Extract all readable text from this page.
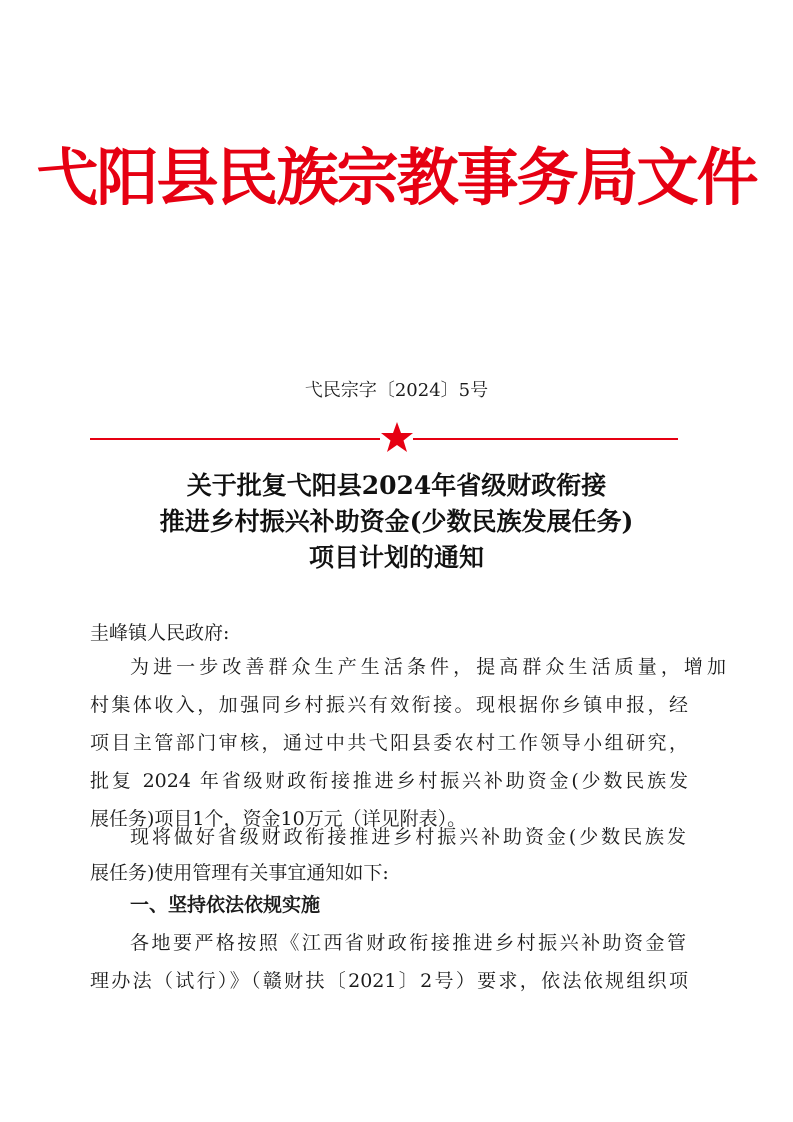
弋阳县民族宗教事务局文件
弋民宗字〔2024〕5号
关于批复弋阳县2024年省级财政衔接
推进乡村振兴补助资金(少数民族发展任务)
项目计划的通知
圭峰镇人民政府:
为进一步改善群众生产生活条件，提高群众生活质量，增加
村集体收入，加强同乡村振兴有效衔接。现根据你乡镇申报，经
项目主管部门审核，通过中共弋阳县委农村工作领导小组研究，
批复 2024 年省级财政衔接推进乡村振兴补助资金(少数民族发
展任务)项目1个，资金10万元（详见附表）。
现将做好省级财政衔接推进乡村振兴补助资金(少数民族发
展任务)使用管理有关事宜通知如下:
一、坚持依法依规实施
各地要严格按照《江西省财政衔接推进乡村振兴补助资金管
理办法（试行）》（赣财扶〔2021〕2号）要求，依法依规组织项
